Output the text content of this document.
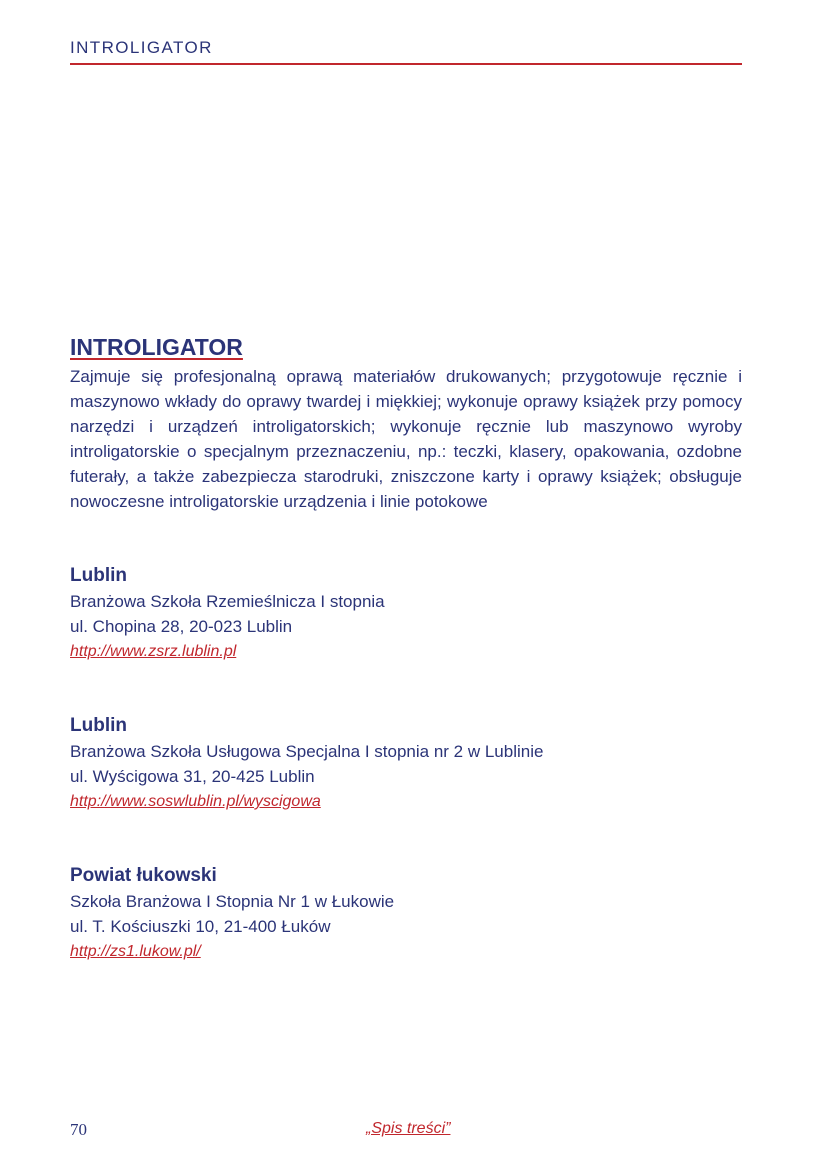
INTROLIGATOR
INTROLIGATOR

Zajmuje się profesjonalną oprawą materiałów drukowanych; przygotowuje ręcznie i maszynowo wkłady do oprawy twardej i miękkiej; wykonuje oprawy książek przy pomocy narzędzi i urządzeń introligatorskich; wykonuje ręcznie lub maszynowo wyroby introligatorskie o specjalnym przeznaczeniu, np.: teczki, klasery, opakowania, ozdobne futerały, a także zabezpiecza starodruki, zniszczone karty i oprawy książek; obsługuje nowoczesne introligatorskie urządzenia i linie potokowe

Lublin
Branżowa Szkoła Rzemieślnicza I stopnia
ul. Chopina 28, 20-023 Lublin
http://www.zsrz.lublin.pl
Lublin
Branżowa Szkoła Usługowa Specjalna I stopnia nr 2 w Lublinie
ul. Wyścigowa 31, 20-425 Lublin
http://www.soswlublin.pl/wyscigowa
Powiat łukowski
Szkoła Branżowa I Stopnia Nr 1 w Łukowie
ul. T. Kościuszki 10, 21-400 Łuków
http://zs1.lukow.pl/
70	„Spis treści”
